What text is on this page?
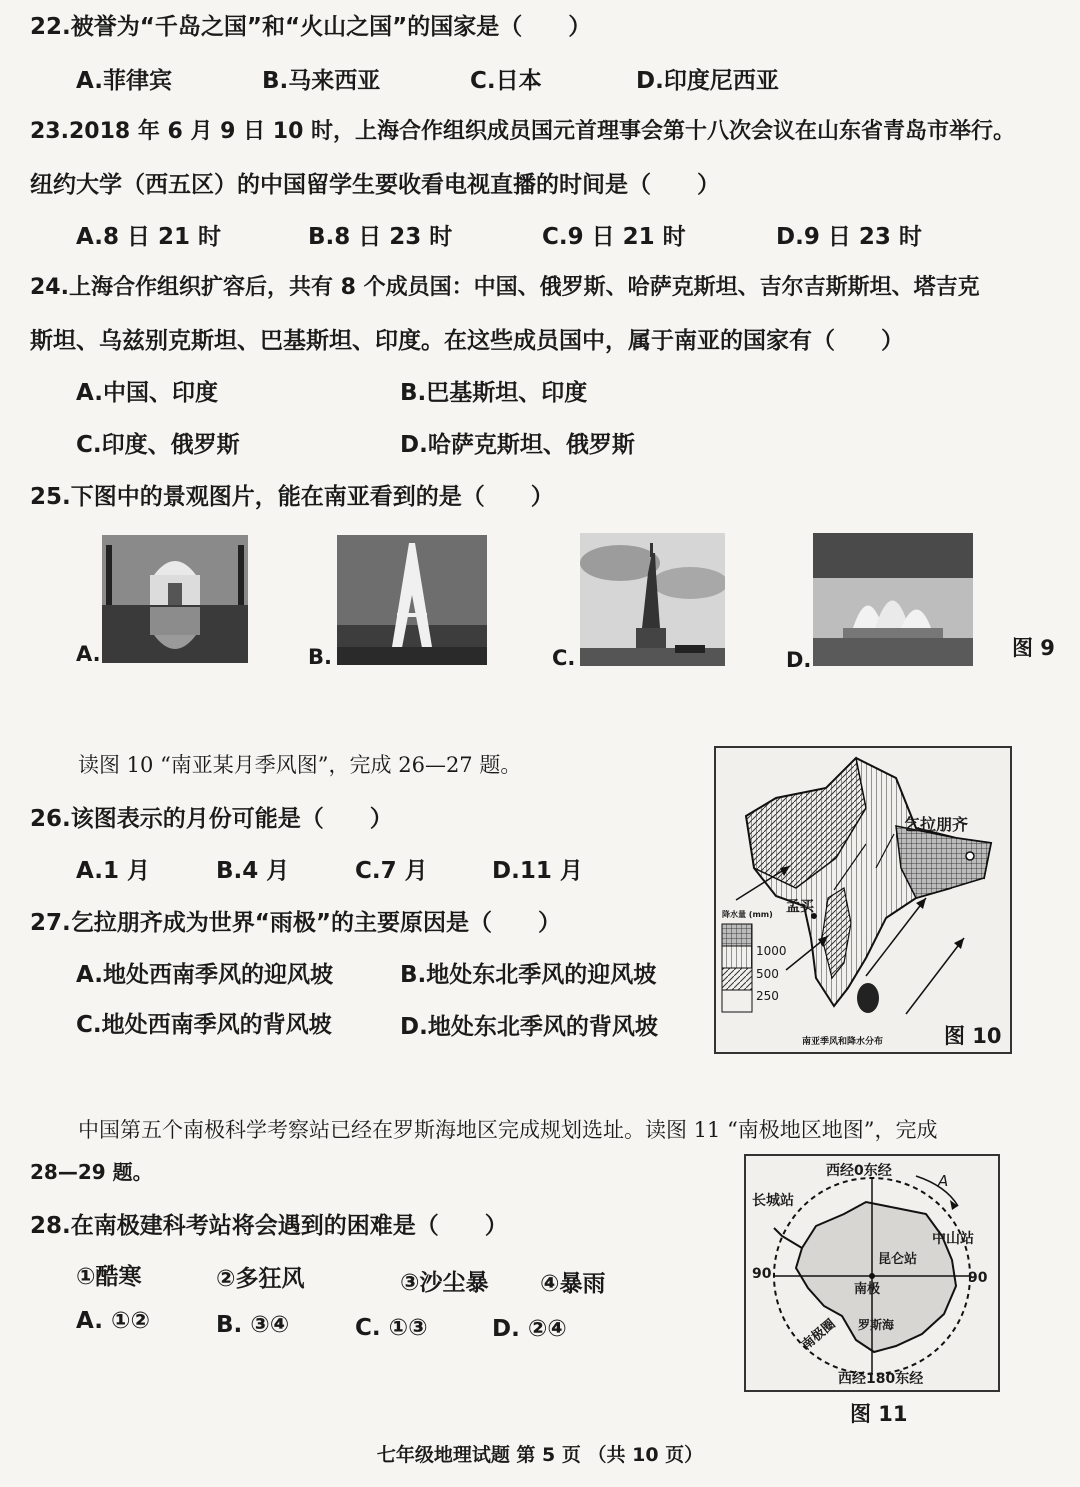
22.被誉为“千岛之国”和“火山之国”的国家是（　　）
A.菲律宾	B.马来西亚	C.日本	D.印度尼西亚
23.2018 年 6 月 9 日 10 时，上海合作组织成员国元首理事会第十八次会议在山东省青岛市举行。
纽约大学（西五区）的中国留学生要收看电视直播的时间是（　　）
A.8 日 21 时	B.8 日 23 时	C.9 日 21 时	D.9 日 23 时
24.上海合作组织扩容后，共有 8 个成员国：中国、俄罗斯、哈萨克斯坦、吉尔吉斯斯坦、塔吉克
斯坦、乌兹别克斯坦、巴基斯坦、印度。在这些成员国中，属于南亚的国家有（　　）
A.中国、印度	B.巴基斯坦、印度
C.印度、俄罗斯	D.哈萨克斯坦、俄罗斯
25.下图中的景观图片，能在南亚看到的是（　　）
A.	B.	C.	D.	图 9
读图 10 “南亚某月季风图”，完成 26—27 题。
26.该图表示的月份可能是（　　）
A.1 月	B.4 月	C.7 月	D.11 月
27.乞拉朋齐成为世界“雨极”的主要原因是（　　）
A.地处西南季风的迎风坡	B.地处东北季风的迎风坡
C.地处西南季风的背风坡	D.地处东北季风的背风坡
乞拉朋齐
孟买
降水量 (mm)
1000
500
250
南亚季风和降水分布	图 10
中国第五个南极科学考察站已经在罗斯海地区完成规划选址。读图 11 “南极地区地图”，完成
28—29 题。
28.在南极建科考站将会遇到的困难是（　　）
①酷寒	②多狂风	③沙尘暴 ④暴雨
A. ①②	B. ③④	C. ①③	D. ②④
西经0东经
西经180东经
90	90
A
长城站
中山站
昆仑站
南极
罗斯海
南极圈
图 11
七年级地理试题 第 5 页 （共 10 页）
